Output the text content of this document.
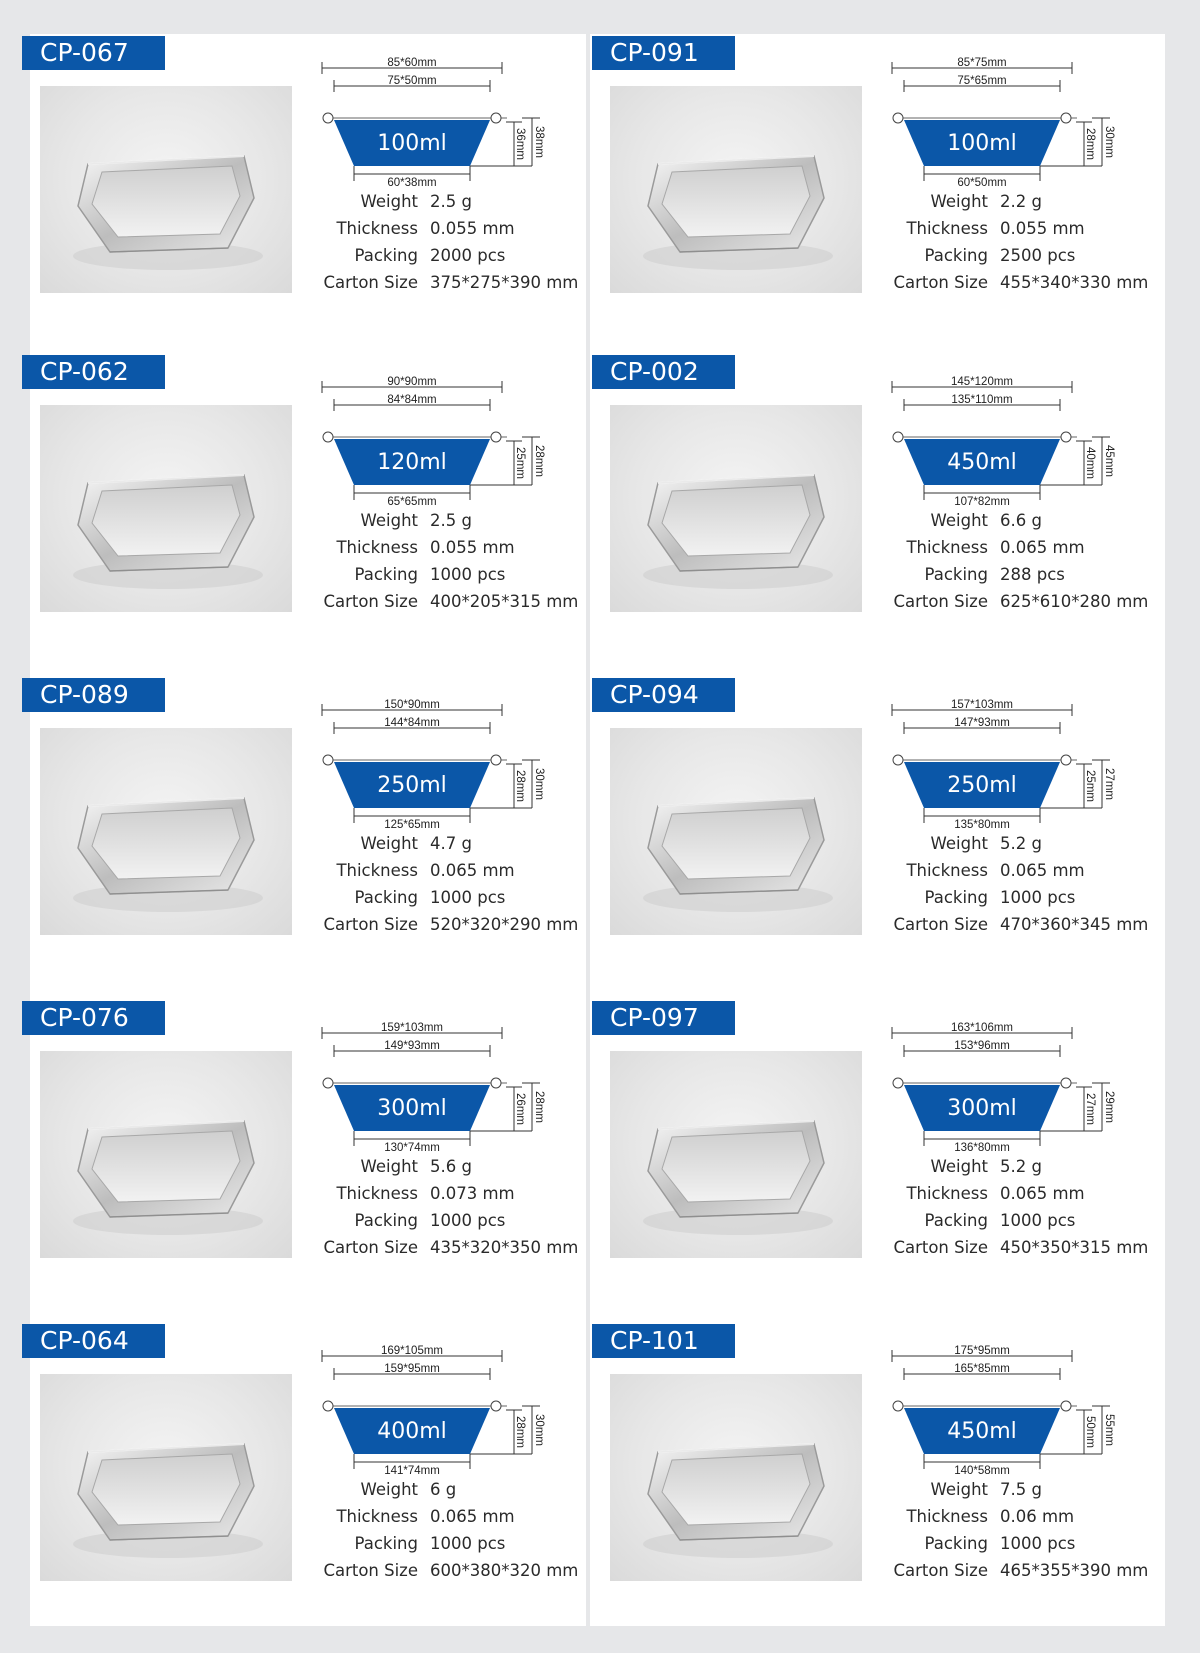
CP-067	85*60mm
75*50mm
100ml
60*38mm
36mm 38mm
Weight 2.5 g
Thickness 0.055 mm
Packing 2000 pcs
Carton Size 375*275*390 mm
CP-091	85*75mm
75*65mm
100ml
60*50mm
28mm 30mm
Weight 2.2 g
Thickness 0.055 mm
Packing 2500 pcs
Carton Size 455*340*330 mm
CP-062	90*90mm
84*84mm
120ml
65*65mm
25mm 28mm
Weight 2.5 g
Thickness 0.055 mm
Packing 1000 pcs
Carton Size 400*205*315 mm
CP-002	145*120mm
135*110mm
450ml
107*82mm
40mm 45mm
Weight 6.6 g
Thickness 0.065 mm
Packing 288 pcs
Carton Size 625*610*280 mm
CP-089	150*90mm
144*84mm
250ml
125*65mm
28mm 30mm
Weight 4.7 g
Thickness 0.065 mm
Packing 1000 pcs
Carton Size 520*320*290 mm
CP-094	157*103mm
147*93mm
250ml
135*80mm
25mm 27mm
Weight 5.2 g
Thickness 0.065 mm
Packing 1000 pcs
Carton Size 470*360*345 mm
CP-076	159*103mm
149*93mm
300ml
130*74mm
26mm 28mm
Weight 5.6 g
Thickness 0.073 mm
Packing 1000 pcs
Carton Size 435*320*350 mm
CP-097	163*106mm
153*96mm
300ml
136*80mm
27mm 29mm
Weight 5.2 g
Thickness 0.065 mm
Packing 1000 pcs
Carton Size 450*350*315 mm
CP-064	169*105mm
159*95mm
400ml
141*74mm
28mm 30mm
Weight 6 g
Thickness 0.065 mm
Packing 1000 pcs
Carton Size 600*380*320 mm
CP-101	175*95mm
165*85mm
450ml
140*58mm
50mm 55mm
Weight 7.5 g
Thickness 0.06 mm
Packing 1000 pcs
Carton Size 465*355*390 mm
